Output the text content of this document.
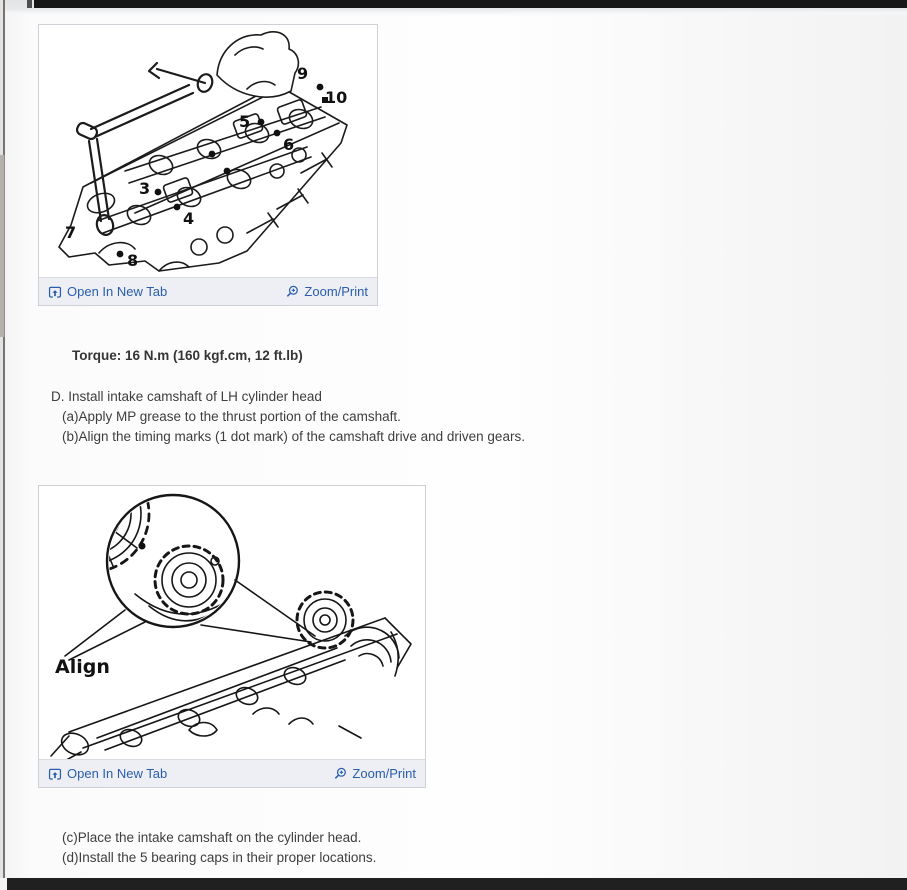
9
10
5
6
3
4
7
8
Open In New Tab	Zoom/Print
Torque: 16 N.m (160 kgf.cm, 12 ft.lb)
D. Install intake camshaft of LH cylinder head
(a)Apply MP grease to the thrust portion of the camshaft.
(b)Align the timing marks (1 dot mark) of the camshaft drive and driven gears.
Align
Open In New Tab	Zoom/Print
(c)Place the intake camshaft on the cylinder head.
(d)Install the 5 bearing caps in their proper locations.
